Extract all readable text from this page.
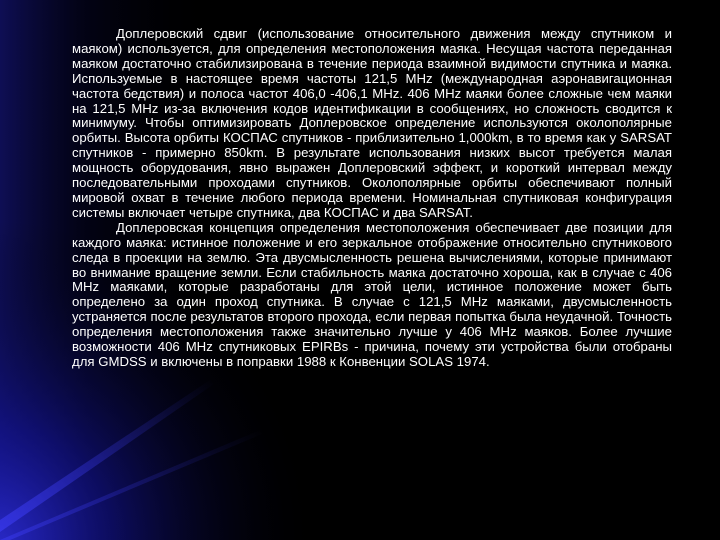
Доплеровский сдвиг (использование относительного движения между спутником и маяком) используется, для определения местоположения маяка. Несущая частота переданная маяком достаточно стабилизирована в течение периода взаимной видимости спутника и маяка. Используемые в настоящее время частоты 121,5 MHz (международная аэронавигационная частота бедствия) и полоса частот 406,0 -406,1 MHz. 406 MHz маяки более сложные чем маяки на 121,5 MHz из-за включения кодов идентификации в сообщениях, но сложность сводится к минимуму. Чтобы оптимизировать Доплеровское определение используются околополярные орбиты. Высота орбиты КОСПАС спутников - приблизительно 1,000km, в то время как у SARSAT спутников - примерно 850km. В результате использования низких высот требуется малая мощность оборудования, явно выражен Доплеровский эффект, и короткий интервал между последовательными проходами спутников. Околополярные орбиты обеспечивают полный мировой охват в течение любого периода времени. Номинальная спутниковая конфигурация системы включает четыре спутника, два КОСПАС и два SARSAT.

Доплеровская концепция определения местоположения обеспечивает две позиции для каждого маяка: истинное положение и его зеркальное отображение относительно спутникового следа в проекции на землю. Эта двусмысленность решена вычислениями, которые принимают во внимание вращение земли. Если стабильность маяка достаточно хороша, как в случае с 406 MHz маяками, которые разработаны для этой цели, истинное положение может быть определено за один проход спутника. В случае с 121,5 MHz маяками, двусмысленность устраняется после результатов второго прохода, если первая попытка была неудачной. Точность определения местоположения также значительно лучше у 406 MHz маяков. Более лучшие возможности 406 MHz спутниковых EPIRBs - причина, почему эти устройства были отобраны для GMDSS и включены в поправки 1988 к Конвенции SOLAS 1974.
